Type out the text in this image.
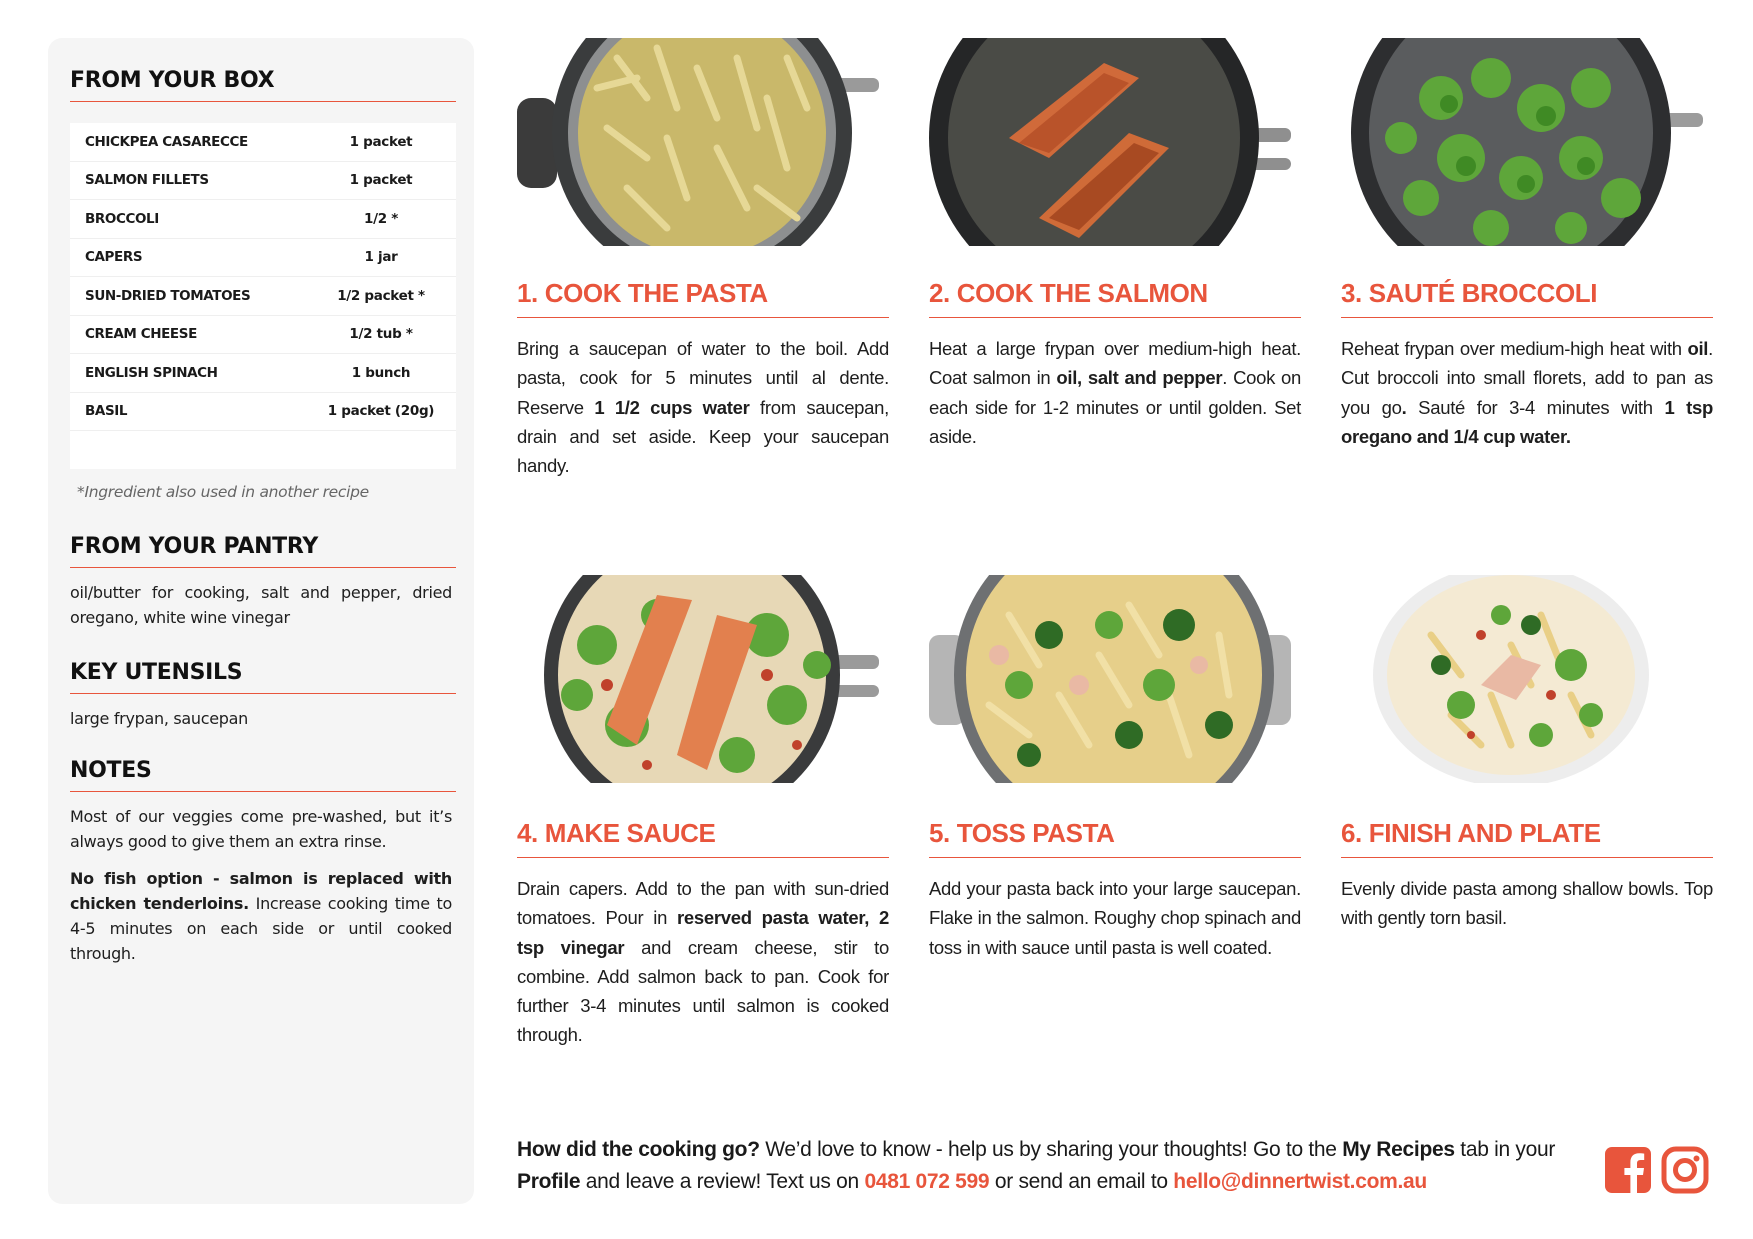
FROM YOUR BOX
CHICKPEA CASARECCE	1 packet
SALMON FILLETS	1 packet
BROCCOLI	1/2 *
CAPERS	1 jar
SUN-DRIED TOMATOES	1/2 packet *
CREAM CHEESE	1/2 tub *
ENGLISH SPINACH	1 bunch
BASIL	1 packet (20g)
*Ingredient also used in another recipe
FROM YOUR PANTRY
oil/butter for cooking, salt and pepper, dried oregano, white wine vinegar
KEY UTENSILS
large frypan, saucepan
NOTES
Most of our veggies come pre-washed, but it’s always good to give them an extra rinse.
No fish option - salmon is replaced with chicken tenderloins. Increase cooking time to 4-5 minutes on each side or until cooked through.
1. COOK THE PASTA
Bring a saucepan of water to the boil. Add pasta, cook for 5 minutes until al dente. Reserve 1 1/2 cups water from saucepan, drain and set aside. Keep your saucepan handy.
2. COOK THE SALMON
Heat a large frypan over medium-high heat. Coat salmon in oil, salt and pepper. Cook on each side for 1-2 minutes or until golden. Set aside.
3. SAUTÉ BROCCOLI
Reheat frypan over medium-high heat with oil. Cut broccoli into small florets, add to pan as you go. Sauté for 3-4 minutes with 1 tsp oregano and 1/4 cup water.
4. MAKE SAUCE
Drain capers. Add to the pan with sun-dried tomatoes. Pour in reserved pasta water, 2 tsp vinegar and cream cheese, stir to combine. Add salmon back to pan. Cook for further 3-4 minutes until salmon is cooked through.
5. TOSS PASTA
Add your pasta back into your large saucepan. Flake in the salmon. Roughy chop spinach and toss in with sauce until pasta is well coated.
6. FINISH AND PLATE
Evenly divide pasta among shallow bowls. Top with gently torn basil.
How did the cooking go? We’d love to know - help us by sharing your thoughts! Go to the My Recipes tab in your Profile and leave a review! Text us on 0481 072 599 or send an email to hello@dinnertwist.com.au
